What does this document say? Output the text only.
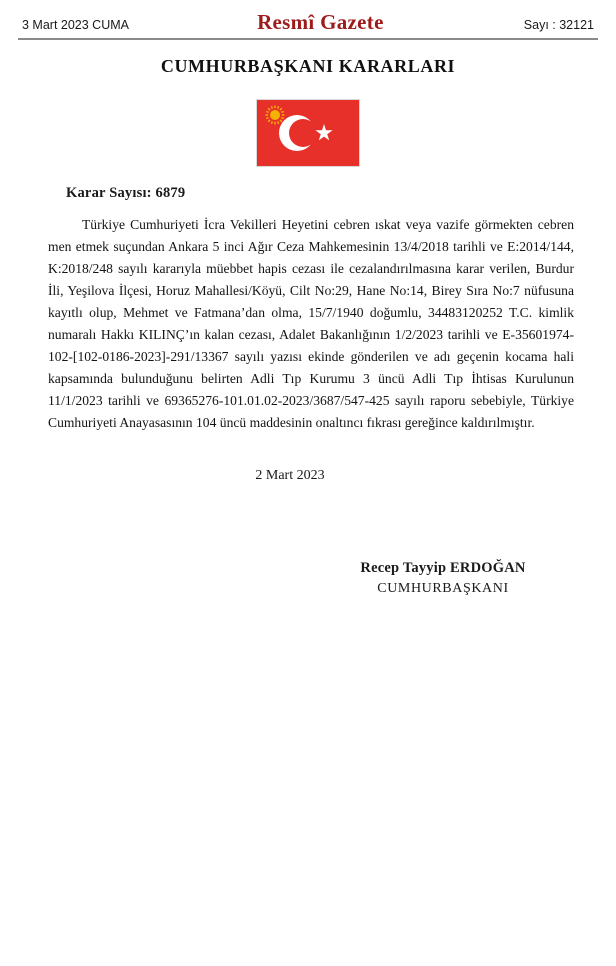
3 Mart 2023 CUMA	Resmî Gazete	Sayı : 32121
CUMHURBAŞKANI KARARLARI
Karar Sayısı: 6879
Türkiye Cumhuriyeti İcra Vekilleri Heyetini cebren ıskat veya vazife görmekten cebren men etmek suçundan Ankara 5 inci Ağır Ceza Mahkemesinin 13/4/2018 tarihli ve E:2014/144, K:2018/248 sayılı kararıyla müebbet hapis cezası ile cezalandırılmasına karar verilen, Burdur İli, Yeşilova İlçesi, Horuz Mahallesi/Köyü, Cilt No:29, Hane No:14, Birey Sıra No:7 nüfusuna kayıtlı olup, Mehmet ve Fatmana’dan olma, 15/7/1940 doğumlu, 34483120252 T.C. kimlik numaralı Hakkı KILINÇ’ın kalan cezası, Adalet Bakanlığının 1/2/2023 tarihli ve E-35601974-102-[102-0186-2023]-291/13367 sayılı yazısı ekinde gönderilen ve adı geçenin kocama hali kapsamında bulunduğunu belirten Adli Tıp Kurumu 3 üncü Adli Tıp İhtisas Kurulunun 11/1/2023 tarihli ve 69365276-101.01.02-2023/3687/547-425 sayılı raporu sebebiyle, Türkiye Cumhuriyeti Anayasasının 104 üncü maddesinin onaltıncı fıkrası gereğince kaldırılmıştır.
2 Mart 2023
Recep Tayyip ERDOĞAN
CUMHURBAŞKANI
